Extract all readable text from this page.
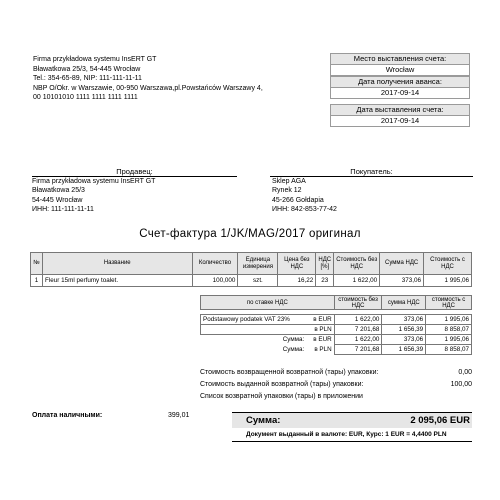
Firma przykładowa systemu InsERT GT
Bławatkowa 25/3, 54-445 Wrocław
Tel.: 354-65-89, NIP: 111-111-11-11
NBP O/Okr. w Warszawie, 00-950 Warszawa,pl.Powstańców Warszawy 4,
00 10101010 1111 1111 1111 1111
Место выставления счета:
Wrocław
Дата получения аванса:
2017-09-14
Дата выставления счета:
2017-09-14
Продавец:
Firma przykładowa systemu InsERT GT
Bławatkowa 25/3
54-445 Wrocław
ИНН: 111-111-11-11
Покупатель:
Sklep AGA
Rynek 12
45-266 Gołdapia
ИНН: 842-853-77-42
Счет-фактура 1/JK/MAG/2017 оригинал
№	Название	Количество	Единица измерения	Цена без НДС	НДС [%]	Стоимость без НДС	Сумма НДС	Стоимость с НДС
1	Fleur 15ml perfumy toalet.	100,000	szt.	16,22	23	1 622,00	373,06	1 995,06
по ставке НДС		стоимость без НДС	сумма НДС	стоимость с НДС

Podstawowy podatek VAT 23%	в EUR	1 622,00	373,06	1 995,06
	в PLN	7 201,68	1 656,39	8 858,07
Сумма:	в EUR	1 622,00	373,06	1 995,06
Сумма:	в PLN	7 201,68	1 656,39	8 858,07
Стоимость возвращенной возвратной (тары) упаковки:	0,00
Стоимость выданной возвратной (тары) упаковки:	100,00
Список возвратной упаковки (тары) в приложении
Оплата наличными:	399,01	Сумма:	2 095,06 EUR
Документ выданный в валюте: EUR, Курс: 1 EUR = 4,4400 PLN
